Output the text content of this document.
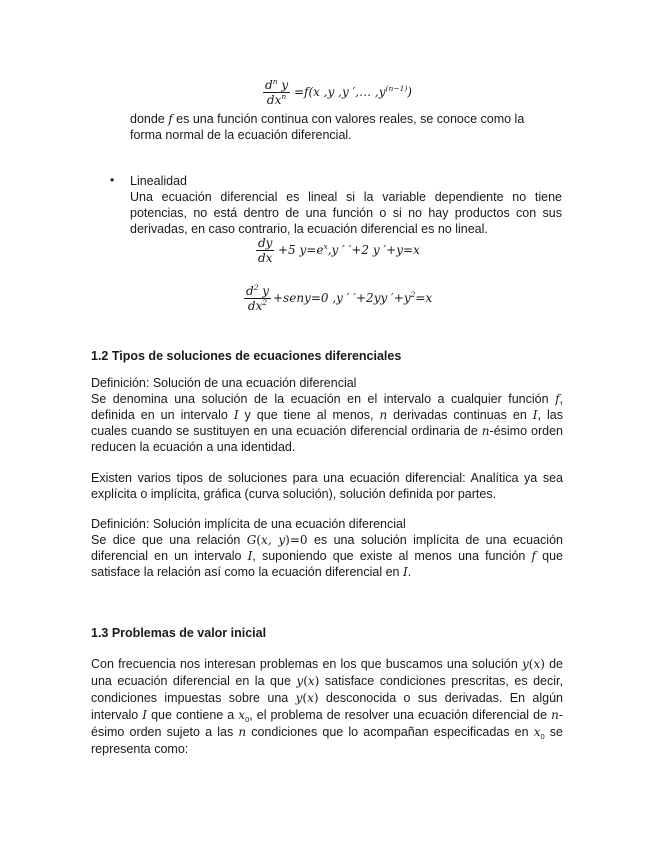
$d^n$ y
$dx^n =f(x$ ,y ,y ′,… $,y^{(n-1)}$)

donde f es una función continua con valores reales, se conoce como la forma normal de la ecuación diferencial.

• Linealidad

Una ecuación diferencial es lineal si la variable dependiente no tiene potencias, no está dentro de una función o si no hay productos con sus derivadas, en caso contrario, la ecuación diferencial es no lineal.

$\frac{dy}{dx} +5$ $y=e^x,y$ ′ ′+2 y ′+y=x
$\frac{d^2 y}{dx^2}$ +seny=0 ,y ′ ′+2yy $'+y^2=x$
1.2 Tipos de soluciones de ecuaciones diferenciales
Definición: Solución de una ecuación diferencial

Se denomina una solución de la ecuación en el intervalo a cualquier función f, definida en un intervalo I y que tiene al menos, n derivadas continuas en I, las cuales cuando se sustituyen en una ecuación diferencial ordinaria de n-ésimo orden reducen la ecuación a una identidad.

Existen varios tipos de soluciones para una ecuación diferencial: Analítica ya sea explícita o implícita, gráfica (curva solución), solución definida por partes.

Definición: Solución implícita de una ecuación diferencial

Se dice que una relación G(x, y)=0 es una solución implícita de una ecuación diferencial en un intervalo I, suponiendo que existe al menos una función f que satisface la relación así como la ecuación diferencial en I.

1.3 Problemas de valor inicial

Con frecuencia nos interesan problemas en los que buscamos una solución y(x) de una ecuación diferencial en la que y(x) satisface condiciones prescritas, es decir, condiciones impuestas sobre una y(x) desconocida o sus derivadas. En algún intervalo I que contiene a $x_0$, el problema de resolver una ecuación diferencial de n-ésimo orden sujeto a las n condiciones que lo acompañan especificadas en $x_0$ se representa como:
